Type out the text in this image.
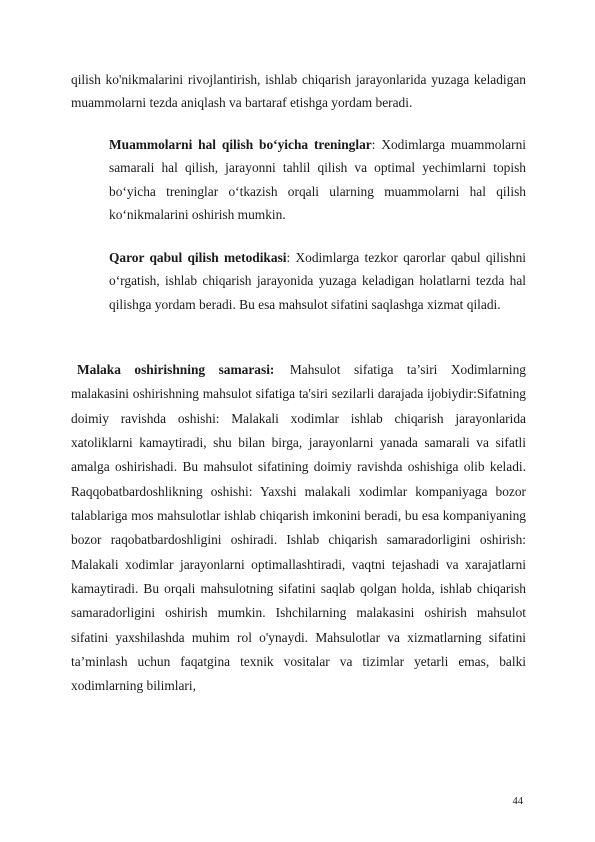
qilish ko'nikmalarini rivojlantirish, ishlab chiqarish jarayonlarida yuzaga keladigan muammolarni tezda aniqlash va bartaraf etishga yordam beradi.

Muammolarni hal qilish bo‘yicha treninglar: Xodimlarga muammolarni samarali hal qilish, jarayonni tahlil qilish va optimal yechimlarni topish bo‘yicha treninglar o‘tkazish orqali ularning muammolarni hal qilish ko‘nikmalarini oshirish mumkin.

Qaror qabul qilish metodikasi: Xodimlarga tezkor qarorlar qabul qilishni o‘rgatish, ishlab chiqarish jarayonida yuzaga keladigan holatlarni tezda hal qilishga yordam beradi. Bu esa mahsulot sifatini saqlashga xizmat qiladi.

Malaka oshirishning samarasi: Mahsulot sifatiga ta’siri Xodimlarning malakasini oshirishning mahsulot sifatiga ta'siri sezilarli darajada ijobiydir:Sifatning doimiy ravishda oshishi: Malakali xodimlar ishlab chiqarish jarayonlarida xatoliklarni kamaytiradi, shu bilan birga, jarayonlarni yanada samarali va sifatli amalga oshirishadi. Bu mahsulot sifatining doimiy ravishda oshishiga olib keladi. Raqqobatbardoshlikning oshishi: Yaxshi malakali xodimlar kompaniyaga bozor talablariga mos mahsulotlar ishlab chiqarish imkonini beradi, bu esa kompaniyaning bozor raqobatbardoshligini oshiradi. Ishlab chiqarish samaradorligini oshirish: Malakali xodimlar jarayonlarni optimallashtiradi, vaqtni tejashadi va xarajatlarni kamaytiradi. Bu orqali mahsulotning sifatini saqlab qolgan holda, ishlab chiqarish samaradorligini oshirish mumkin. Ishchilarning malakasini oshirish mahsulot sifatini yaxshilashda muhim rol o'ynaydi. Mahsulotlar va xizmatlarning sifatini ta’minlash uchun faqatgina texnik vositalar va tizimlar yetarli emas, balki xodimlarning bilimlari,

44
